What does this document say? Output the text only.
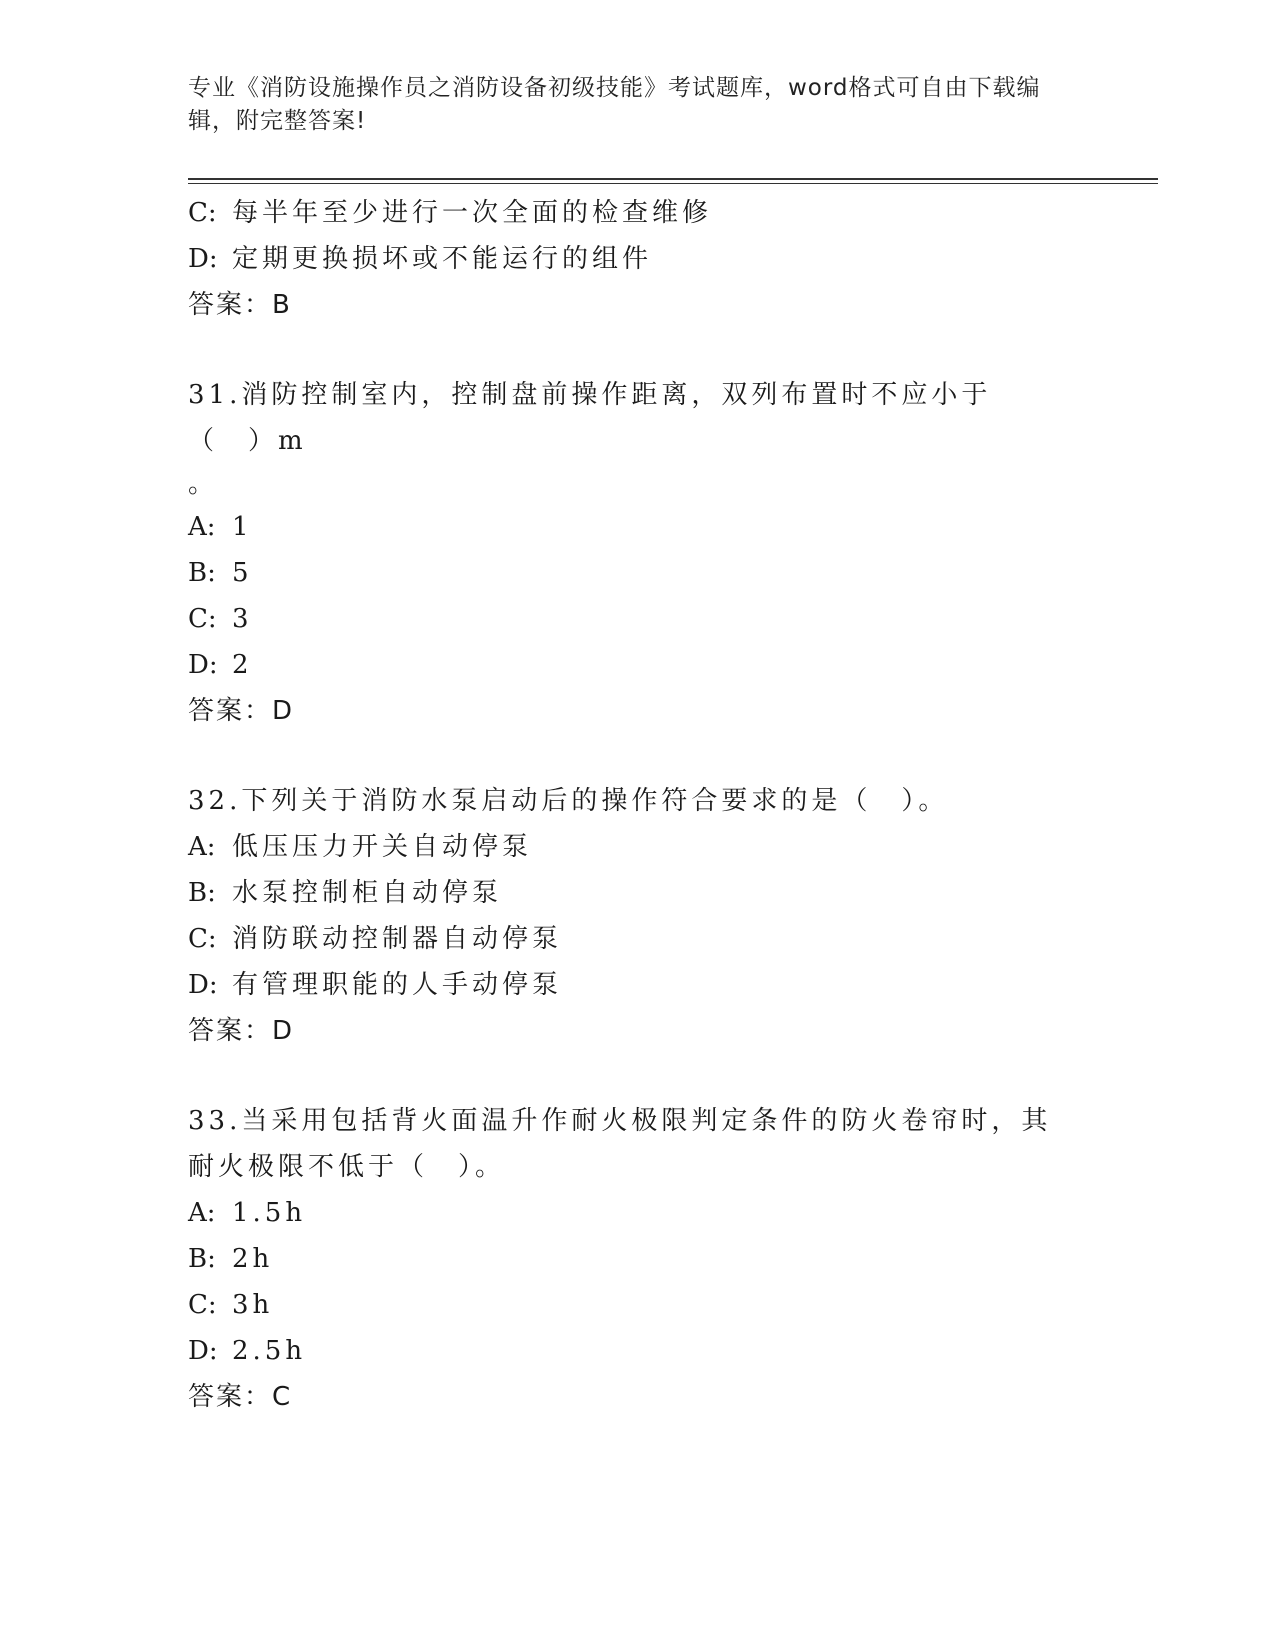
专业《消防设施操作员之消防设备初级技能》考试题库，word格式可自由下载编辑，附完整答案!
C: 每半年至少进行一次全面的检查维修
D: 定期更换损坏或不能运行的组件
答案：B
31.消防控制室内，控制盘前操作距离，双列布置时不应小于（　）m
。
A: 1
B: 5
C: 3
D: 2
答案：D
32.下列关于消防水泵启动后的操作符合要求的是（　）。
A: 低压压力开关自动停泵
B: 水泵控制柜自动停泵
C: 消防联动控制器自动停泵
D: 有管理职能的人手动停泵
答案：D
33.当采用包括背火面温升作耐火极限判定条件的防火卷帘时，其耐火极限不低于（　）。
A: 1.5h
B: 2h
C: 3h
D: 2.5h
答案：C
